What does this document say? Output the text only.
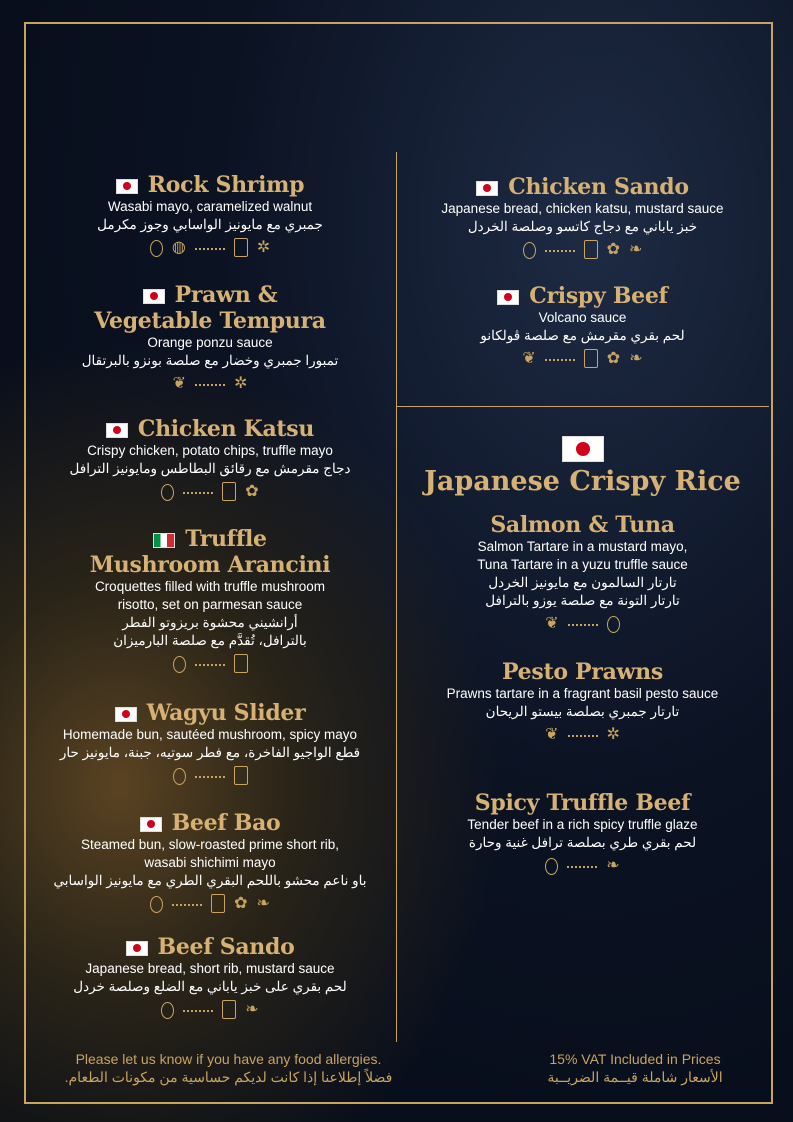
Rock Shrimp
Wasabi mayo, caramelized walnut
جمبري مع مايونيز الواسابي وجوز مكرمل
◍	✲
Prawn &
Vegetable Tempura
Orange ponzu sauce
تمبورا جمبري وخضار مع صلصة بونزو بالبرتقال
❦	✲
Chicken Katsu
Crispy chicken, potato chips, truffle mayo
دجاج مقرمش مع رقائق البطاطس ومايونيز الترافل
✿
Truffle
Mushroom Arancini
Croquettes filled with truffle mushroom
risotto, set on parmesan sauce
أرانشيني محشوة بريزوتو الفطر
بالترافل، تُقدَّم مع صلصة البارميزان
Wagyu Slider
Homemade bun, sautéed mushroom, spicy mayo
قطع الواجيو الفاخرة، مع فطر سوتيه، جبنة، مايونيز حار
Beef Bao
Steamed bun, slow-roasted prime short rib,
wasabi shichimi mayo
باو ناعم محشو باللحم البقري الطري مع مايونيز الواسابي
✿ ❧
Beef Sando
Japanese bread, short rib, mustard sauce
لحم بقري على خبز ياباني مع الضلع وصلصة خردل
❧
Chicken Sando
Japanese bread, chicken katsu, mustard sauce
خبز ياباني مع دجاج كاتسو وصلصة الخردل
✿ ❧
Crispy Beef
Volcano sauce
لحم بقري مقرمش مع صلصة ڤولكانو
❦	✿ ❧
Japanese Crispy Rice
Salmon & Tuna
Salmon Tartare in a mustard mayo,
Tuna Tartare in a yuzu truffle sauce
تارتار السالمون مع مايونيز الخردل
تارتار التونة مع صلصة يوزو بالترافل
❦
Pesto Prawns
Prawns tartare in a fragrant basil pesto sauce
تارتار جمبري بصلصة بيستو الريحان
❦	✲
Spicy Truffle Beef
Tender beef in a rich spicy truffle glaze
لحم بقري طري بصلصة ترافل غنية وحارة
❧
Please let us know if you have any food allergies.
فضلاً إطلاعنا إذا كانت لديكم حساسية من مكونات الطعام.
15% VAT Included in Prices
الأسعار شاملة قيــمة الضريــبة
